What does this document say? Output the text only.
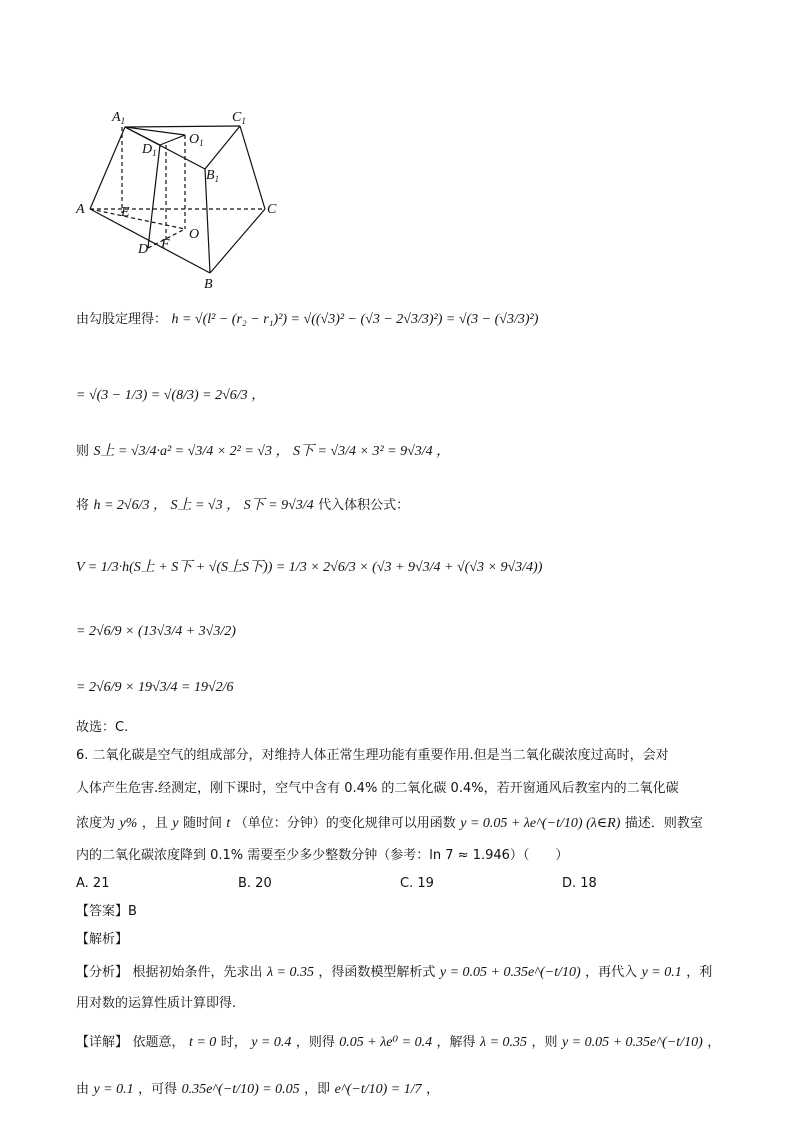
$A_1$	$C_1$
$O_1$
$D_1$
$B_1$
A	E	C
O
F
D
B
由勾股定理得： h = √(l² − (r₂ − r₁)²) = √((√3)² − (√3 − 2√3/3)²) = √(3 − (√3/3)²)
= √(3 − 1/3) = √(8/3) = 2√6/3 ，
则 S上 = √3/4·a² = √3/4 × 2² = √3 ， S下 = √3/4 × 3² = 9√3/4 ，
将 h = 2√6/3 ， S上 = √3 ， S下 = 9√3/4 代入体积公式：
V = 1/3·h(S上 + S下 + √(S上S下)) = 1/3 × 2√6/3 × (√3 + 9√3/4 + √(√3 × 9√3/4))
= 2√6/9 × (13√3/4 + 3√3/2)
= 2√6/9 × 19√3/4 = 19√2/6
故选：C.
6. 二氧化碳是空气的组成部分，对维持人体正常生理功能有重要作用.但是当二氧化碳浓度过高时，会对
人体产生危害.经测定，刚下课时，空气中含有 0.4% 的二氧化碳 0.4%，若开窗通风后教室内的二氧化碳
浓度为 y% ，且 y 随时间 t （单位：分钟）的变化规律可以用函数 y = 0.05 + λe^(−t/10) (λ∈R) 描述．则教室
内的二氧化碳浓度降到 0.1% 需要至少多少整数分钟（参考：ln 7 ≈ 1.946）（　　）
A. 21	B. 20	C. 19	D. 18
【答案】B
【解析】
【分析】 根据初始条件，先求出 λ = 0.35 ，得函数模型解析式 y = 0.05 + 0.35e^(−t/10) ，再代入 y = 0.1 ，利
用对数的运算性质计算即得.
【详解】 依题意， t = 0 时， y = 0.4 ，则得 0.05 + λe⁰ = 0.4 ，解得 λ = 0.35 ，则 y = 0.05 + 0.35e^(−t/10) ，
由 y = 0.1 ，可得 0.35e^(−t/10) = 0.05 ，即 e^(−t/10) = 1/7 ，
